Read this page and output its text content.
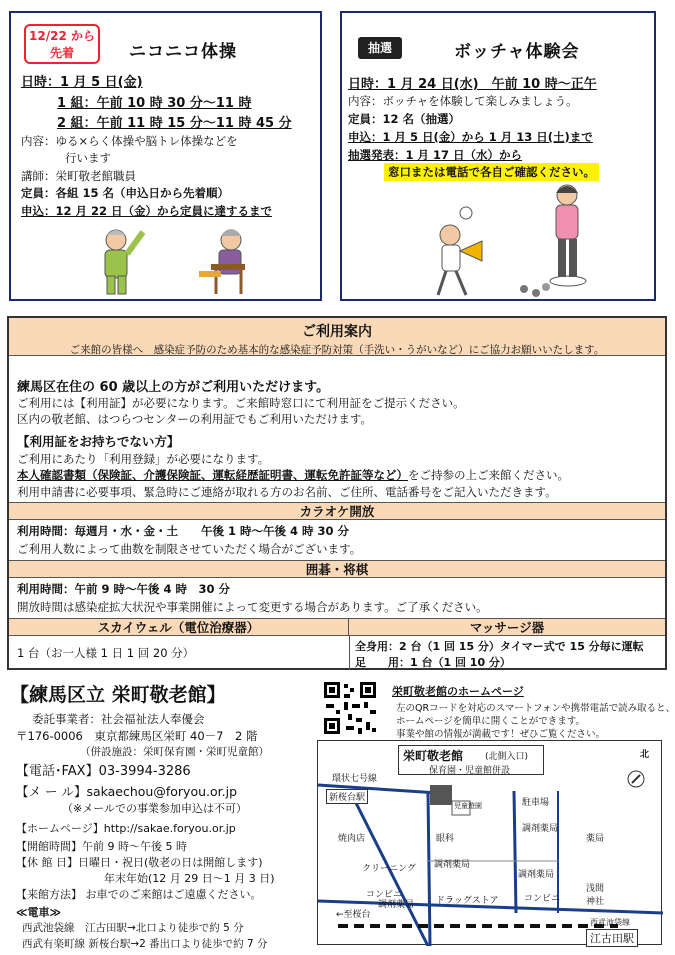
12/22 から
先着	ニコニコ体操
日時：1 月 5 日(金)
1 組：午前 10 時 30 分〜11 時
2 組：午前 11 時 15 分〜11 時 45 分
内容：ゆる×らく体操や脳トレ体操などを
行います
講師：栄町敬老館職員
定員：各組 15 名（申込日から先着順）
申込：12 月 22 日（金）から定員に達するまで
抽選	ボッチャ体験会
日時：1 月 24 日(水)　午前 10 時〜正午
内容：ボッチャを体験して楽しみましょう。
定員：12 名（抽選）
申込：1 月 5 日(金）から 1 月 13 日(土)まで
抽選発表：1 月 17 日（水）から
窓口または電話で各自ご確認ください。
ご利用案内
ご来館の皆様へ　感染症予防のため基本的な感染症予防対策（手洗い・うがいなど）にご協力お願いいたします。
練馬区在住の 60 歳以上の方がご利用いただけます。
ご利用には【利用証】が必要になります。ご来館時窓口にて利用証をご提示ください。
区内の敬老館、はつらつセンターの利用証でもご利用いただけます。
【利用証をお持ちでない方】
ご利用にあたり「利用登録」が必要になります。
本人確認書類（保険証、介護保険証、運転経歴証明書、運転免許証等など）をご持参の上ご来館ください。
利用申請書に必要事項、緊急時にご連絡が取れる方のお名前、ご住所、電話番号をご記入いただきます。
カラオケ開放
利用時間：毎週月・水・金・土　　午後 1 時〜午後 4 時 30 分
ご利用人数によって曲数を制限させていただく場合がございます。
囲碁・将棋
利用時間：午前 9 時〜午後 4 時　30 分
開放時間は感染症拡大状況や事業開催によって変更する場合があります。ご了承ください。
スカイウェル（電位治療器）	マッサージ器
1 台（お一人様 1 日 1 回 20 分）	全身用：2 台（1 回 15 分）タイマー式で 15 分毎に運転
足　　用：1 台（1 回 10 分）
【練馬区立 栄町敬老館】
委託事業者：社会福祉法人奉優会
〒176-0006　東京都練馬区栄町 40－7　2 階
（併設施設：栄町保育園・栄町児童館）
【電話･FAX】03-3994-3286
【メ ー ル】sakaechou@foryou.or.jp
（※メールでの事業参加申込は不可）
【ホームページ】http://sakae.foryou.or.jp
【開館時間】午前 9 時〜午後 5 時
【休 館 日】日曜日・祝日(敬老の日は開館します)
年末年始(12 月 29 日〜1 月 3 日)
【来館方法】 お車でのご来館はご遠慮ください。
≪電車≫
西武池袋線　江古田駅→北口より徒歩で約 5 分
西武有楽町線 新桜台駅→2 番出口より徒歩で約 7 分
栄町敬老館のホームページ
左のQRコードを対応のスマートフォンや携帯電話で読み取ると、
ホームページを簡単に開くことができます。
事業や館の情報が満載です！ぜひご覧ください。
栄町敬老館 (北側入口)
保育園・児童館併設
北
環状七号線
新桜台駅
焼肉店
児童遊園
眼科
駐車場
調剤薬局
薬局
クリーニング 調剤薬局
調剤薬局
コンビニ
調剤薬局 ドラッグストア	コンビニ
浅間神社
←至桜台
西武池袋線
江古田駅
